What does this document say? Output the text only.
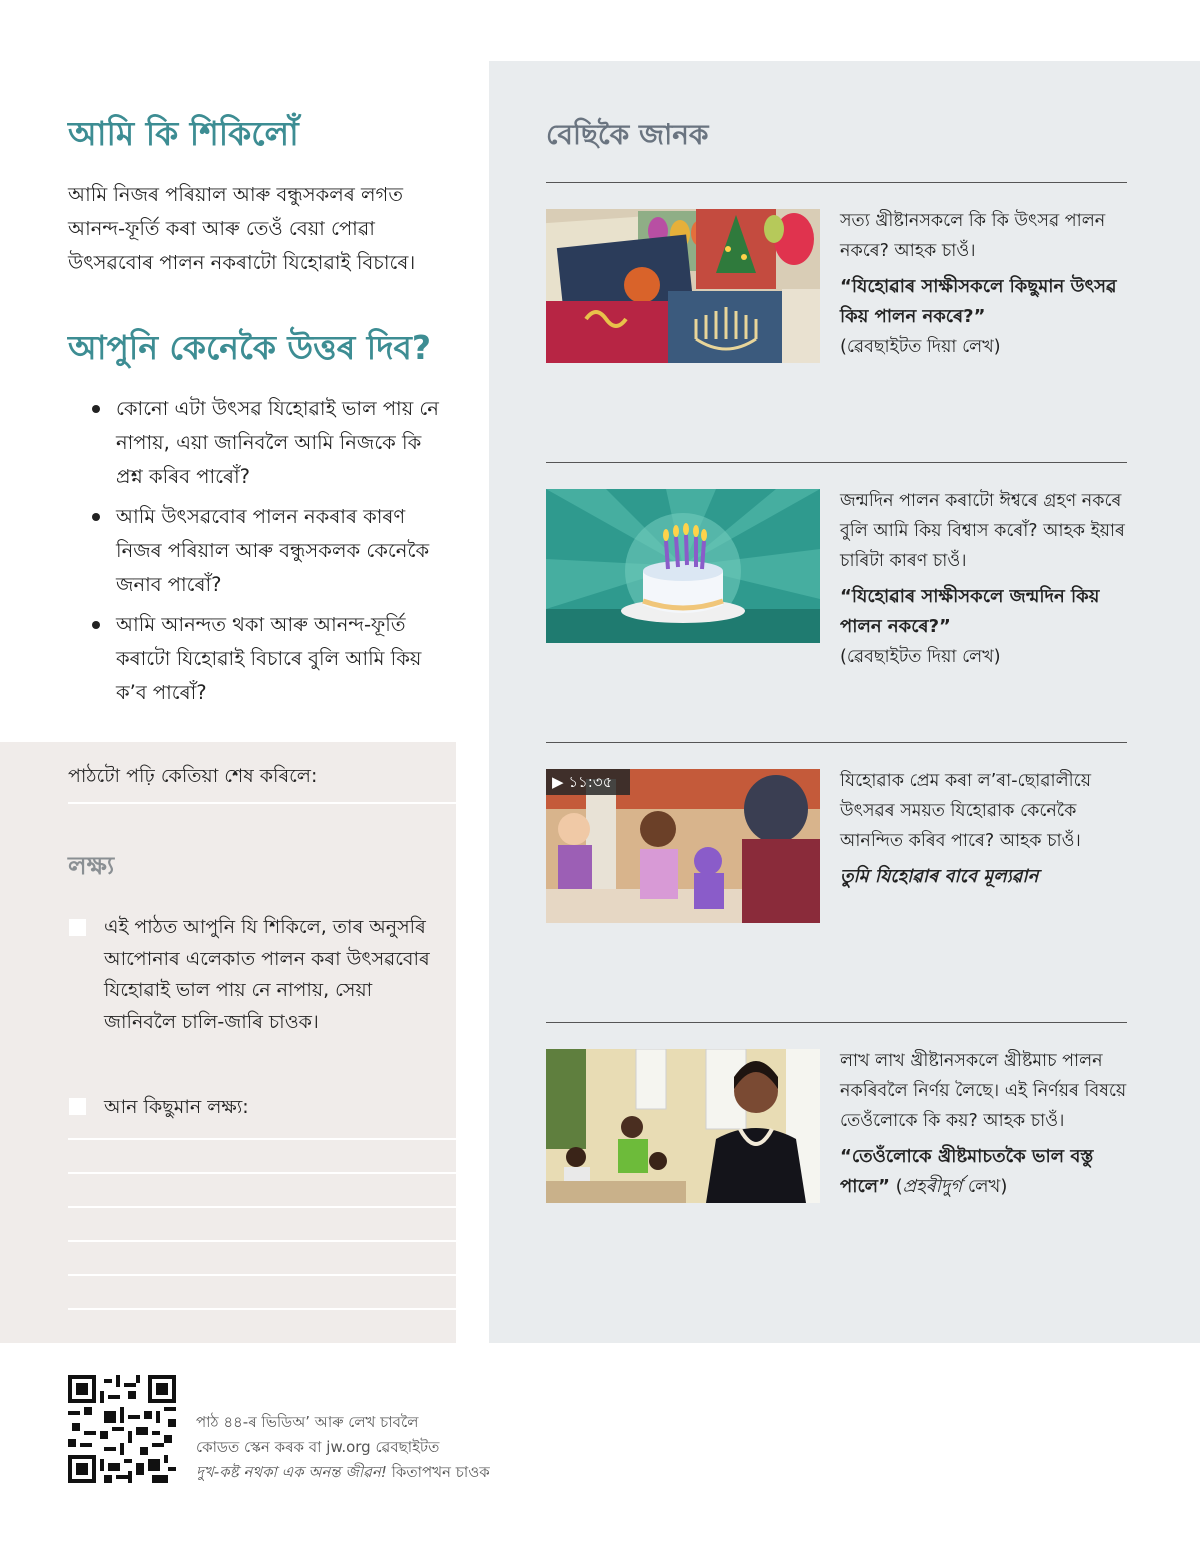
আমি কি শিকিলোঁ
আমি নিজৰ পৰিয়াল আৰু বন্ধুসকলৰ লগত আনন্দ-ফূৰ্তি কৰা আৰু তেওঁ বেয়া পোৱা উৎসৱবোৰ পালন নকৰাটো যিহোৱাই বিচাৰে।
আপুনি কেনেকৈ উত্তৰ দিব?
কোনো এটা উৎসৱ যিহোৱাই ভাল পায় নে নাপায়, এয়া জানিবলৈ আমি নিজকে কি প্ৰশ্ন কৰিব পাৰোঁ?
আমি উৎসৱবোৰ পালন নকৰাৰ কাৰণ নিজৰ পৰিয়াল আৰু বন্ধুসকলক কেনেকৈ জনাব পাৰোঁ?
আমি আনন্দত থকা আৰু আনন্দ-ফূৰ্তি কৰাটো যিহোৱাই বিচাৰে বুলি আমি কিয় ক’ব পাৰোঁ?
পাঠটো পঢ়ি কেতিয়া শেষ কৰিলে:
লক্ষ্য
এই পাঠত আপুনি যি শিকিলে, তাৰ অনুসৰি আপোনাৰ এলেকাত পালন কৰা উৎসৱবোৰ যিহোৱাই ভাল পায় নে নাপায়, সেয়া জানিবলৈ চালি-জাৰি চাওক।
আন কিছুমান লক্ষ্য:
বেছিকৈ জানক
সত্য খ্ৰীষ্টানসকলে কি কি উৎসৱ পালন নকৰে? আহক চাওঁ।
“যিহোৱাৰ সাক্ষীসকলে কিছুমান উৎসৱ কিয় পালন নকৰে?”
(ৱেবছাইটত দিয়া লেখ)
জন্মদিন পালন কৰাটো ঈশ্বৰে গ্ৰহণ নকৰে বুলি আমি কিয় বিশ্বাস কৰোঁ? আহক ইয়াৰ চাৰিটা কাৰণ চাওঁ।
“যিহোৱাৰ সাক্ষীসকলে জন্মদিন কিয় পালন নকৰে?”
(ৱেবছাইটত দিয়া লেখ)
▶ ১১:৩৫	যিহোৱাক প্ৰেম কৰা ল’ৰা-ছোৱালীয়ে উৎসৱৰ সময়ত যিহোৱাক কেনেকৈ আনন্দিত কৰিব পাৰে? আহক চাওঁ।
তুমি যিহোৱাৰ বাবে মূল্যৱান
লাখ লাখ খ্ৰীষ্টানসকলে খ্ৰীষ্টমাচ পালন নকৰিবলৈ নিৰ্ণয় লৈছে। এই নিৰ্ণয়ৰ বিষয়ে তেওঁলোকে কি কয়? আহক চাওঁ।
“তেওঁলোকে খ্ৰীষ্টমাচতকৈ ভাল বস্তু পালে” (প্ৰহৰীদুৰ্গ লেখ)
পাঠ ৪৪-ৰ ভিডিঅ’ আৰু লেখ চাবলৈ
কোডত স্কেন কৰক বা jw.org ৱেবছাইটত
দুখ-কষ্ট নথকা এক অনন্ত জীৱন! কিতাপখন চাওক
